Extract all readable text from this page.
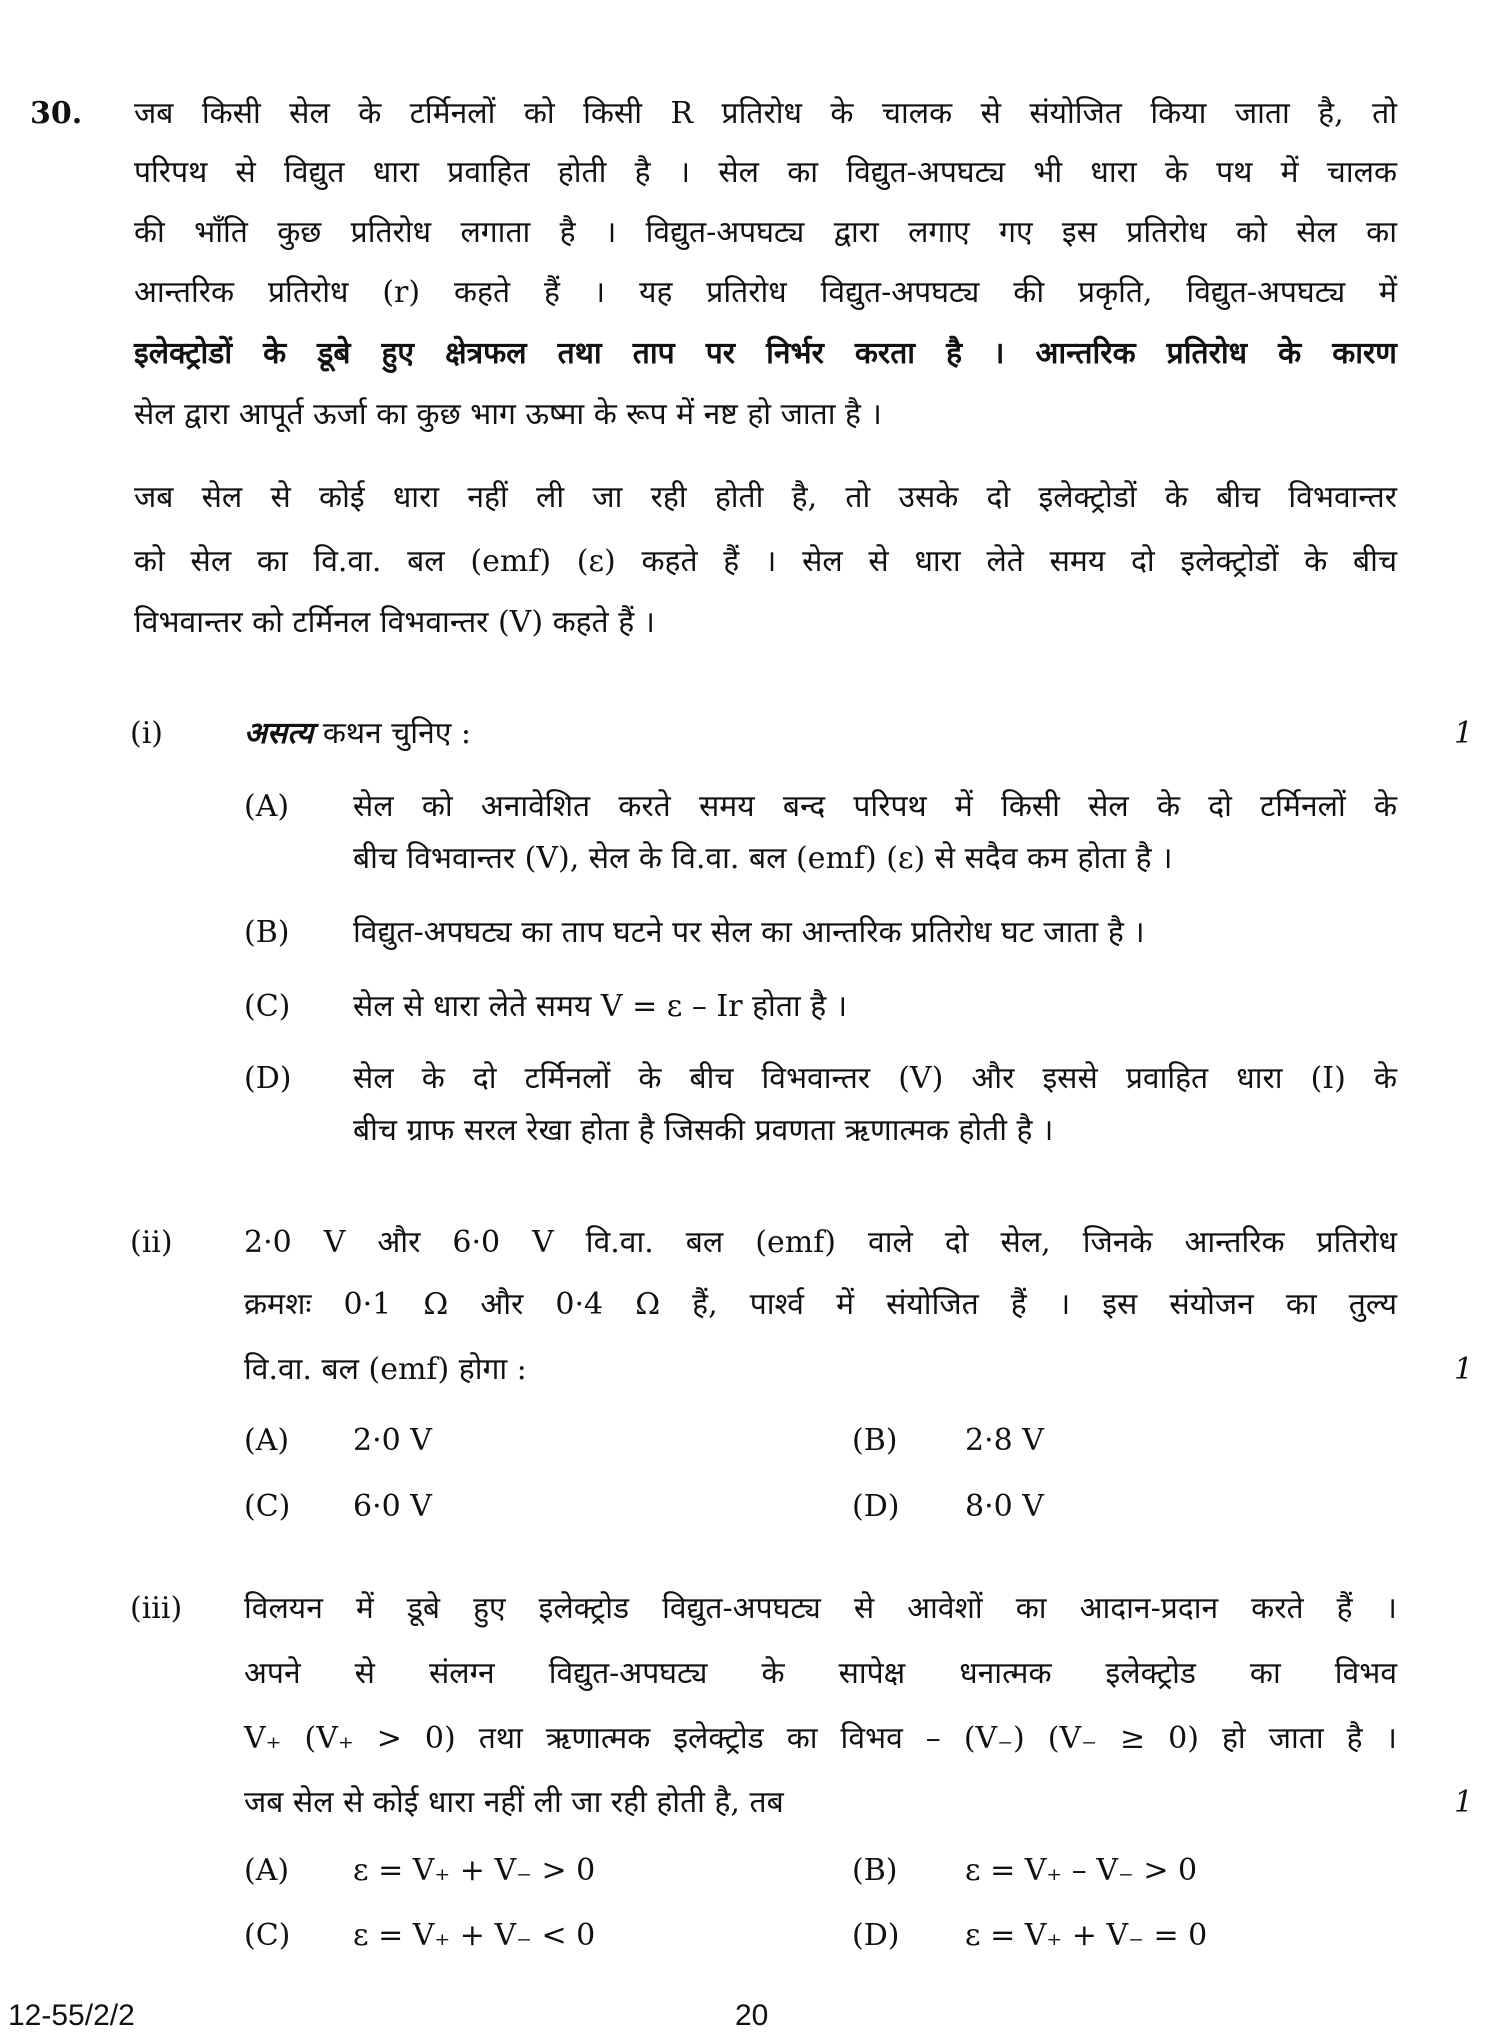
30. जब किसी सेल के टर्मिनलों को किसी R प्रतिरोध के चालक से संयोजित किया जाता है, तो
परिपथ से विद्युत धारा प्रवाहित होती है । सेल का विद्युत-अपघट्य भी धारा के पथ में चालक
की भाँति कुछ प्रतिरोध लगाता है । विद्युत-अपघट्य द्वारा लगाए गए इस प्रतिरोध को सेल का
आन्तरिक प्रतिरोध (r) कहते हैं । यह प्रतिरोध विद्युत-अपघट्य की प्रकृति, विद्युत-अपघट्य में
इलेक्ट्रोडों के डूबे हुए क्षेत्रफल तथा ताप पर निर्भर करता है । आन्तरिक प्रतिरोध के कारण
सेल द्वारा आपूर्त ऊर्जा का कुछ भाग ऊष्मा के रूप में नष्ट हो जाता है ।
जब सेल से कोई धारा नहीं ली जा रही होती है, तो उसके दो इलेक्ट्रोडों के बीच विभवान्तर
को सेल का वि.वा. बल (emf) (ε) कहते हैं । सेल से धारा लेते समय दो इलेक्ट्रोडों के बीच
विभवान्तर को टर्मिनल विभवान्तर (V) कहते हैं ।
(i)	असत्य कथन चुनिए :	1
(A) सेल को अनावेशित करते समय बन्द परिपथ में किसी सेल के दो टर्मिनलों के
बीच विभवान्तर (V), सेल के वि.वा. बल (emf) (ε) से सदैव कम होता है ।
(B) विद्युत-अपघट्य का ताप घटने पर सेल का आन्तरिक प्रतिरोध घट जाता है ।
(C) सेल से धारा लेते समय V = ε – Ir होता है ।
(D) सेल के दो टर्मिनलों के बीच विभवान्तर (V) और इससे प्रवाहित धारा (I) के
बीच ग्राफ सरल रेखा होता है जिसकी प्रवणता ऋणात्मक होती है ।
(ii) 2·0 V और 6·0 V वि.वा. बल (emf) वाले दो सेल, जिनके आन्तरिक प्रतिरोध
क्रमशः 0·1 Ω और 0·4 Ω हैं, पार्श्व में संयोजित हैं । इस संयोजन का तुल्य
वि.वा. बल (emf) होगा :	1
(A) 2·0 V	(B) 2·8 V
(C) 6·0 V	(D) 8·0 V
(iii) विलयन में डूबे हुए इलेक्ट्रोड विद्युत-अपघट्य से आवेशों का आदान-प्रदान करते हैं ।
अपने से संलग्न विद्युत-अपघट्य के सापेक्ष धनात्मक इलेक्ट्रोड का विभव
V₊ (V₊ > 0) तथा ऋणात्मक इलेक्ट्रोड का विभव – (V₋) (V₋ ≥ 0) हो जाता है ।
जब सेल से कोई धारा नहीं ली जा रही होती है, तब	1
(A) ε = V₊ + V₋ > 0	(B) ε = V₊ – V₋ > 0
(C) ε = V₊ + V₋ < 0	(D) ε = V₊ + V₋ = 0
12-55/2/2	20
